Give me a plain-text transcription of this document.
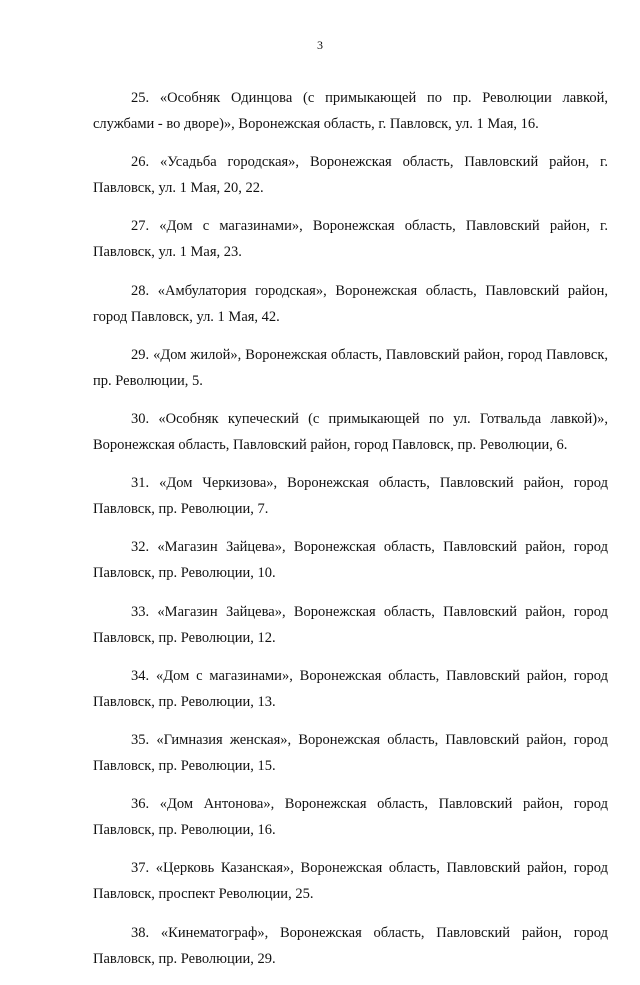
3

25. «Особняк Одинцова (с примыкающей по пр. Революции лавкой, службами - во дворе)», Воронежская область, г. Павловск, ул. 1 Мая, 16.

26. «Усадьба городская», Воронежская область, Павловский район, г. Павловск, ул. 1 Мая, 20, 22.

27. «Дом с магазинами», Воронежская область, Павловский район, г. Павловск, ул. 1 Мая, 23.

28. «Амбулатория городская», Воронежская область, Павловский район, город Павловск, ул. 1 Мая, 42.

29. «Дом жилой», Воронежская область, Павловский район, город Павловск, пр. Революции, 5.

30. «Особняк купеческий (с примыкающей по ул. Готвальда лавкой)», Воронежская область, Павловский район, город Павловск, пр. Революции, 6.

31. «Дом Черкизова», Воронежская область, Павловский район, город Павловск, пр. Революции, 7.

32. «Магазин Зайцева», Воронежская область, Павловский район, город Павловск, пр. Революции, 10.

33. «Магазин Зайцева», Воронежская область, Павловский район, город Павловск, пр. Революции, 12.

34. «Дом с магазинами», Воронежская область, Павловский район, город Павловск, пр. Революции, 13.

35. «Гимназия женская», Воронежская область, Павловский район, город Павловск, пр. Революции, 15.

36. «Дом Антонова», Воронежская область, Павловский район, город Павловск, пр. Революции, 16.

37. «Церковь Казанская», Воронежская область, Павловский район, город Павловск, проспект Революции, 25.

38. «Кинематограф», Воронежская область, Павловский район, город Павловск, пр. Революции, 29.
